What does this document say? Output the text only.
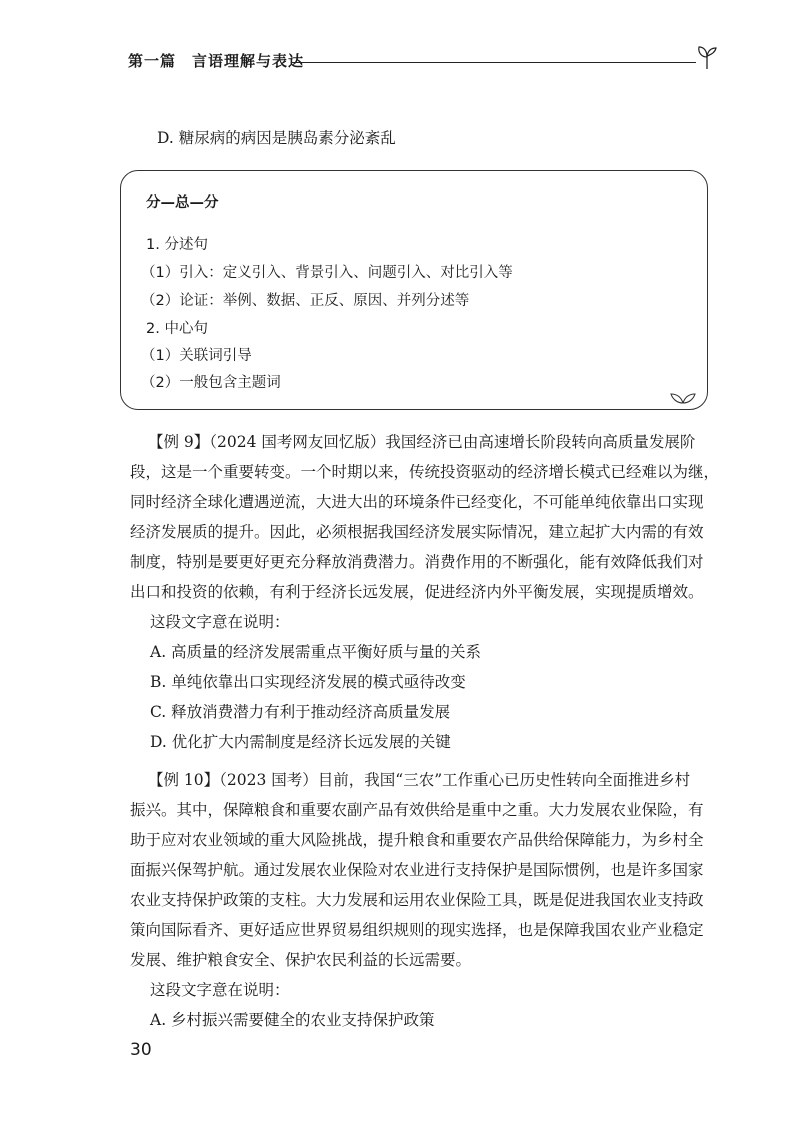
第一篇 言语理解与表达
D. 糖尿病的病因是胰岛素分泌紊乱
分—总—分
1. 分述句
（1）引入：定义引入、背景引入、问题引入、对比引入等
（2）论证：举例、数据、正反、原因、并列分述等
2. 中心句
（1）关联词引导
（2）一般包含主题词
【例 9】（2024 国考网友回忆版）我国经济已由高速增长阶段转向高质量发展阶
段，这是一个重要转变。一个时期以来，传统投资驱动的经济增长模式已经难以为继，
同时经济全球化遭遇逆流，大进大出的环境条件已经变化，不可能单纯依靠出口实现
经济发展质的提升。因此，必须根据我国经济发展实际情况，建立起扩大内需的有效
制度，特别是要更好更充分释放消费潜力。消费作用的不断强化，能有效降低我们对
出口和投资的依赖，有利于经济长远发展，促进经济内外平衡发展，实现提质增效。
这段文字意在说明：
A. 高质量的经济发展需重点平衡好质与量的关系
B. 单纯依靠出口实现经济发展的模式亟待改变
C. 释放消费潜力有利于推动经济高质量发展
D. 优化扩大内需制度是经济长远发展的关键
【例 10】（2023 国考）目前，我国“三农”工作重心已历史性转向全面推进乡村
振兴。其中，保障粮食和重要农副产品有效供给是重中之重。大力发展农业保险，有
助于应对农业领域的重大风险挑战，提升粮食和重要农产品供给保障能力，为乡村全
面振兴保驾护航。通过发展农业保险对农业进行支持保护是国际惯例，也是许多国家
农业支持保护政策的支柱。大力发展和运用农业保险工具，既是促进我国农业支持政
策向国际看齐、更好适应世界贸易组织规则的现实选择，也是保障我国农业产业稳定
发展、维护粮食安全、保护农民利益的长远需要。
这段文字意在说明：
A. 乡村振兴需要健全的农业支持保护政策
30
